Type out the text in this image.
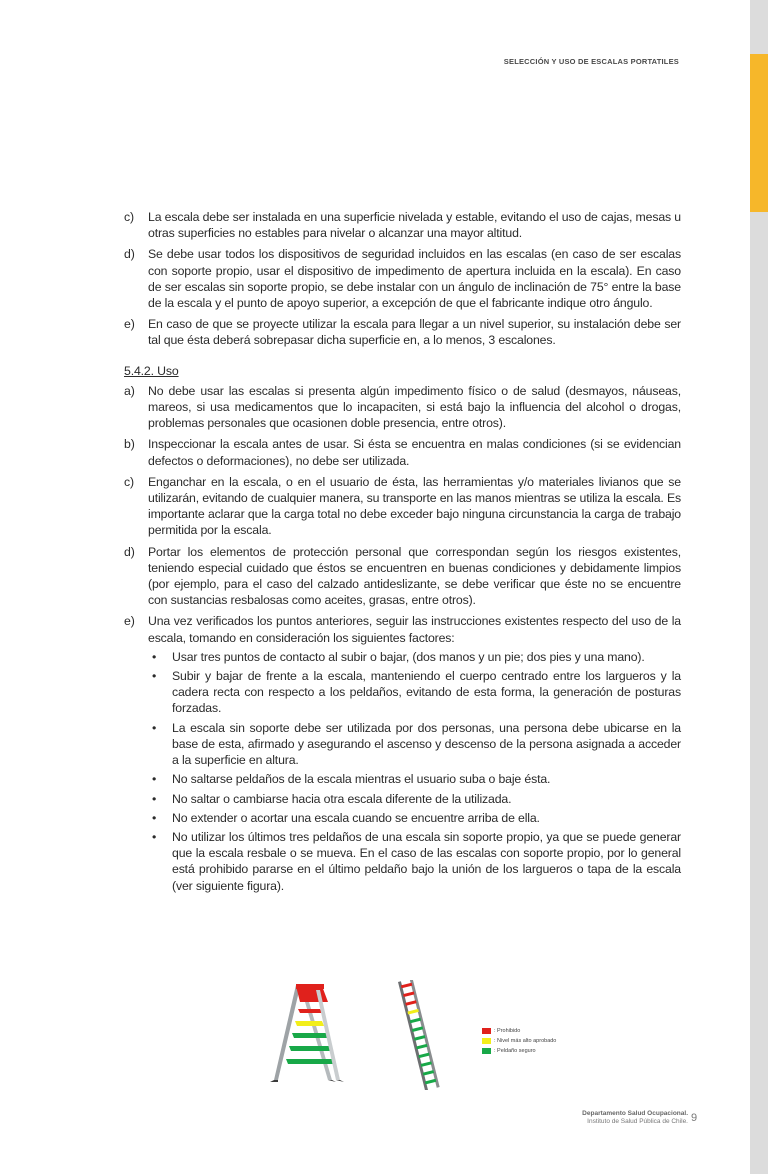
SELECCIÓN Y USO DE ESCALAS PORTATILES
c) La escala debe ser instalada en una superficie nivelada y estable, evitando el uso de cajas, mesas u otras superficies no estables para nivelar o alcanzar una mayor altitud.
d) Se debe usar todos los dispositivos de seguridad incluidos en las escalas (en caso de ser escalas con soporte propio, usar el dispositivo de impedimento de apertura incluida en la escala). En caso de ser escalas sin soporte propio, se debe instalar con un ángulo de inclinación de 75° entre la base de la escala y el punto de apoyo superior, a excepción de que el fabricante indique otro ángulo.
e) En caso de que se proyecte utilizar la escala para llegar a un nivel superior, su instalación debe ser tal que ésta deberá sobrepasar dicha superficie en, a lo menos, 3 escalones.
5.4.2. Uso
a) No debe usar las escalas si presenta algún impedimento físico o de salud (desmayos, náuseas, mareos, si usa medicamentos que lo incapaciten, si está bajo la influencia del alcohol o drogas, problemas personales que ocasionen doble presencia, entre otros).
b) Inspeccionar la escala antes de usar. Si ésta se encuentra en malas condiciones (si se evidencian defectos o deformaciones), no debe ser utilizada.
c) Enganchar en la escala, o en el usuario de ésta, las herramientas y/o materiales livianos que se utilizarán, evitando de cualquier manera, su transporte en las manos mientras se utiliza la escala. Es importante aclarar que la carga total no debe exceder bajo ninguna circunstancia la carga de trabajo permitida por la escala.
d) Portar los elementos de protección personal que correspondan según los riesgos existentes, teniendo especial cuidado que éstos se encuentren en buenas condiciones y debidamente limpios (por ejemplo, para el caso del calzado antideslizante, se debe verificar que éste no se encuentre con sustancias resbalosas como aceites, grasas, entre otros).
e) Una vez verificados los puntos anteriores, seguir las instrucciones existentes respecto del uso de la escala, tomando en consideración los siguientes factores:
• Usar tres puntos de contacto al subir o bajar, (dos manos y un pie; dos pies y una mano).
• Subir y bajar de frente a la escala, manteniendo el cuerpo centrado entre los largueros y la cadera recta con respecto a los peldaños, evitando de esta forma, la generación de posturas forzadas.
• La escala sin soporte debe ser utilizada por dos personas, una persona debe ubicarse en la base de esta, afirmado y asegurando el ascenso y descenso de la persona asignada a acceder a la superficie en altura.
• No saltarse peldaños de la escala mientras el usuario suba o baje ésta.
• No saltar o cambiarse hacia otra escala diferente de la utilizada.
• No extender o acortar una escala cuando se encuentre arriba de ella.
• No utilizar los últimos tres peldaños de una escala sin soporte propio, ya que se puede generar que la escala resbale o se mueva. En el caso de las escalas con soporte propio, por lo general está prohibido pararse en el último peldaño bajo la unión de los largueros o tapa de la escala (ver siguiente figura).
: Prohibido
: Nivel más alto aprobado
: Peldaño seguro
Departamento Salud Ocupacional.
Instituto de Salud Pública de Chile. 9
